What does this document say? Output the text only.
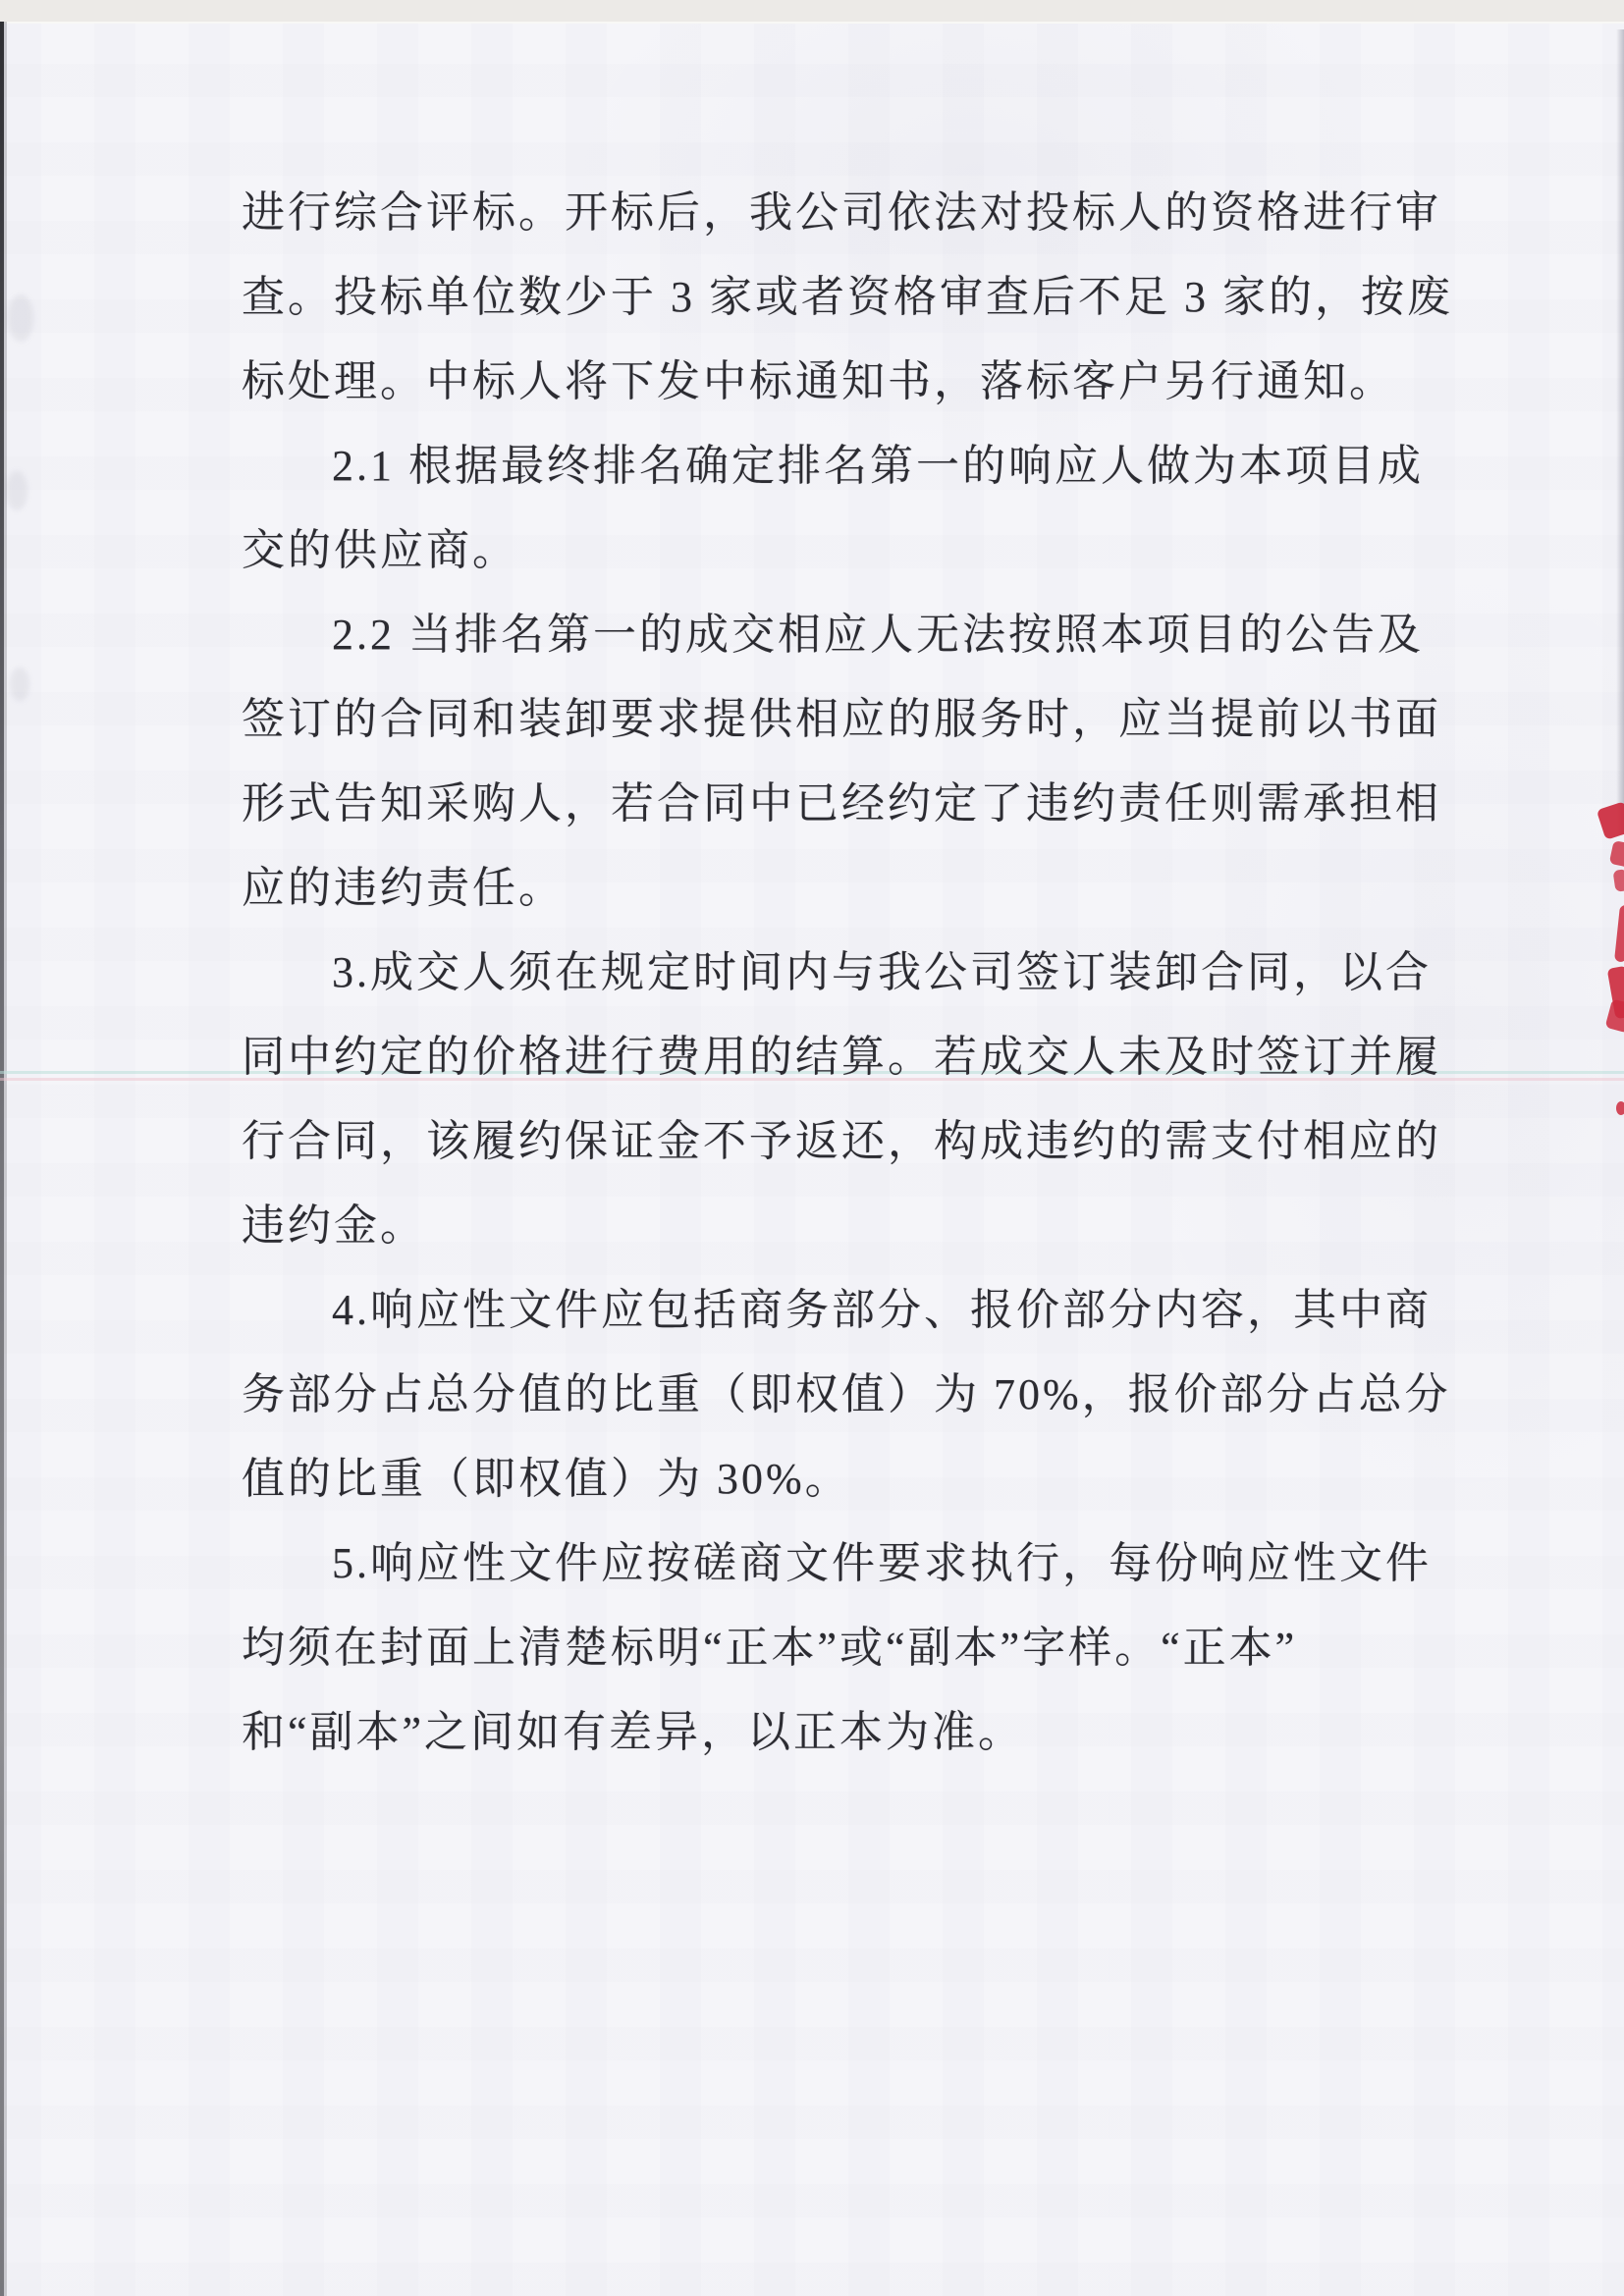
进行综合评标。开标后，我公司依法对投标人的资格进行审
查。投标单位数少于 3 家或者资格审查后不足 3 家的，按废
标处理。中标人将下发中标通知书，落标客户另行通知。
2.1 根据最终排名确定排名第一的响应人做为本项目成
交的供应商。
2.2 当排名第一的成交相应人无法按照本项目的公告及
签订的合同和装卸要求提供相应的服务时，应当提前以书面
形式告知采购人，若合同中已经约定了违约责任则需承担相
应的违约责任。
3.成交人须在规定时间内与我公司签订装卸合同，以合
同中约定的价格进行费用的结算。若成交人未及时签订并履
行合同，该履约保证金不予返还，构成违约的需支付相应的
违约金。
4.响应性文件应包括商务部分、报价部分内容，其中商
务部分占总分值的比重（即权值）为 70%，报价部分占总分
值的比重（即权值）为 30%。
5.响应性文件应按磋商文件要求执行，每份响应性文件
均须在封面上清楚标明“正本”或“副本”字样。“正本”
和“副本”之间如有差异，以正本为准。
